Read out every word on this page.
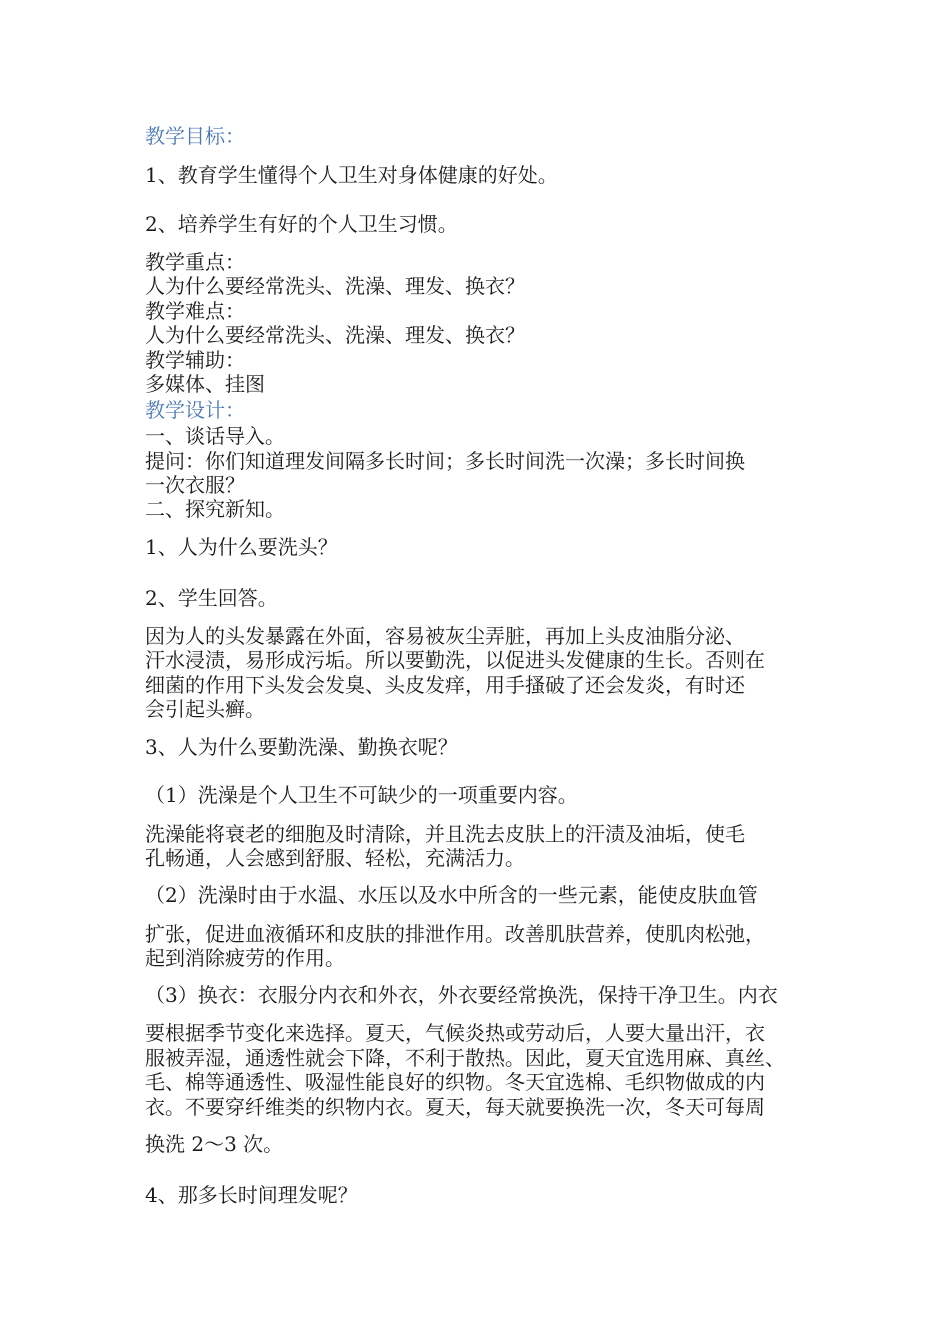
教学目标：

1、教育学生懂得个人卫生对身体健康的好处。

2、培养学生有好的个人卫生习惯。

教学重点：

人为什么要经常洗头、洗澡、理发、换衣？

教学难点：

人为什么要经常洗头、洗澡、理发、换衣？

教学辅助：

多媒体、挂图

教学设计：

一、谈话导入。

提问：你们知道理发间隔多长时间；多长时间洗一次澡；多长时间换

一次衣服？

二、探究新知。

1、人为什么要洗头？

2、学生回答。

因为人的头发暴露在外面，容易被灰尘弄脏，再加上头皮油脂分泌、

汗水浸渍，易形成污垢。所以要勤洗，以促进头发健康的生长。否则在

细菌的作用下头发会发臭、头皮发痒，用手搔破了还会发炎，有时还

会引起头癣。

3、人为什么要勤洗澡、勤换衣呢？

（1）洗澡是个人卫生不可缺少的一项重要内容。

洗澡能将衰老的细胞及时清除，并且洗去皮肤上的汗渍及油垢，使毛

孔畅通，人会感到舒服、轻松，充满活力。

（2）洗澡时由于水温、水压以及水中所含的一些元素，能使皮肤血管

扩张，促进血液循环和皮肤的排泄作用。改善肌肤营养，使肌肉松弛，

起到消除疲劳的作用。

（3）换衣：衣服分内衣和外衣，外衣要经常换洗，保持干净卫生。内衣

要根据季节变化来选择。夏天，气候炎热或劳动后，人要大量出汗，衣

服被弄湿，通透性就会下降，不利于散热。因此，夏天宜选用麻、真丝、

毛、棉等通透性、吸湿性能良好的织物。冬天宜选棉、毛织物做成的内

衣。不要穿纤维类的织物内衣。夏天，每天就要换洗一次，冬天可每周

换洗 2～3 次。

4、那多长时间理发呢？
